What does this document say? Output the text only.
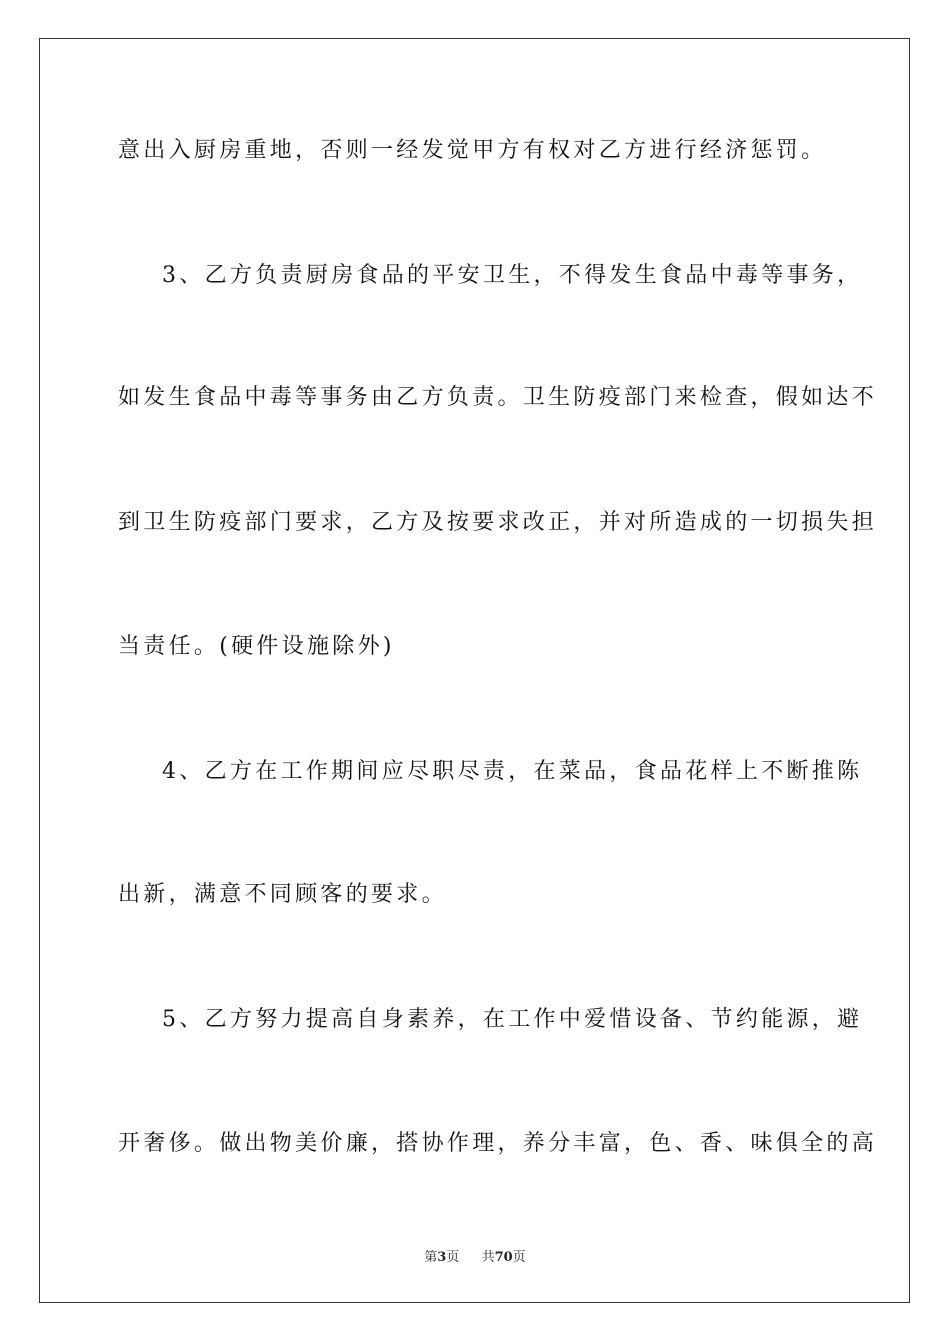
意出入厨房重地，否则一经发觉甲方有权对乙方进行经济惩罚。
3、乙方负责厨房食品的平安卫生，不得发生食品中毒等事务，
如发生食品中毒等事务由乙方负责。卫生防疫部门来检查，假如达不
到卫生防疫部门要求，乙方及按要求改正，并对所造成的一切损失担
当责任。(硬件设施除外)
4、乙方在工作期间应尽职尽责，在菜品，食品花样上不断推陈
出新，满意不同顾客的要求。
5、乙方努力提高自身素养，在工作中爱惜设备、节约能源，避
开奢侈。做出物美价廉，搭协作理，养分丰富，色、香、味俱全的高
第3页 共70页
